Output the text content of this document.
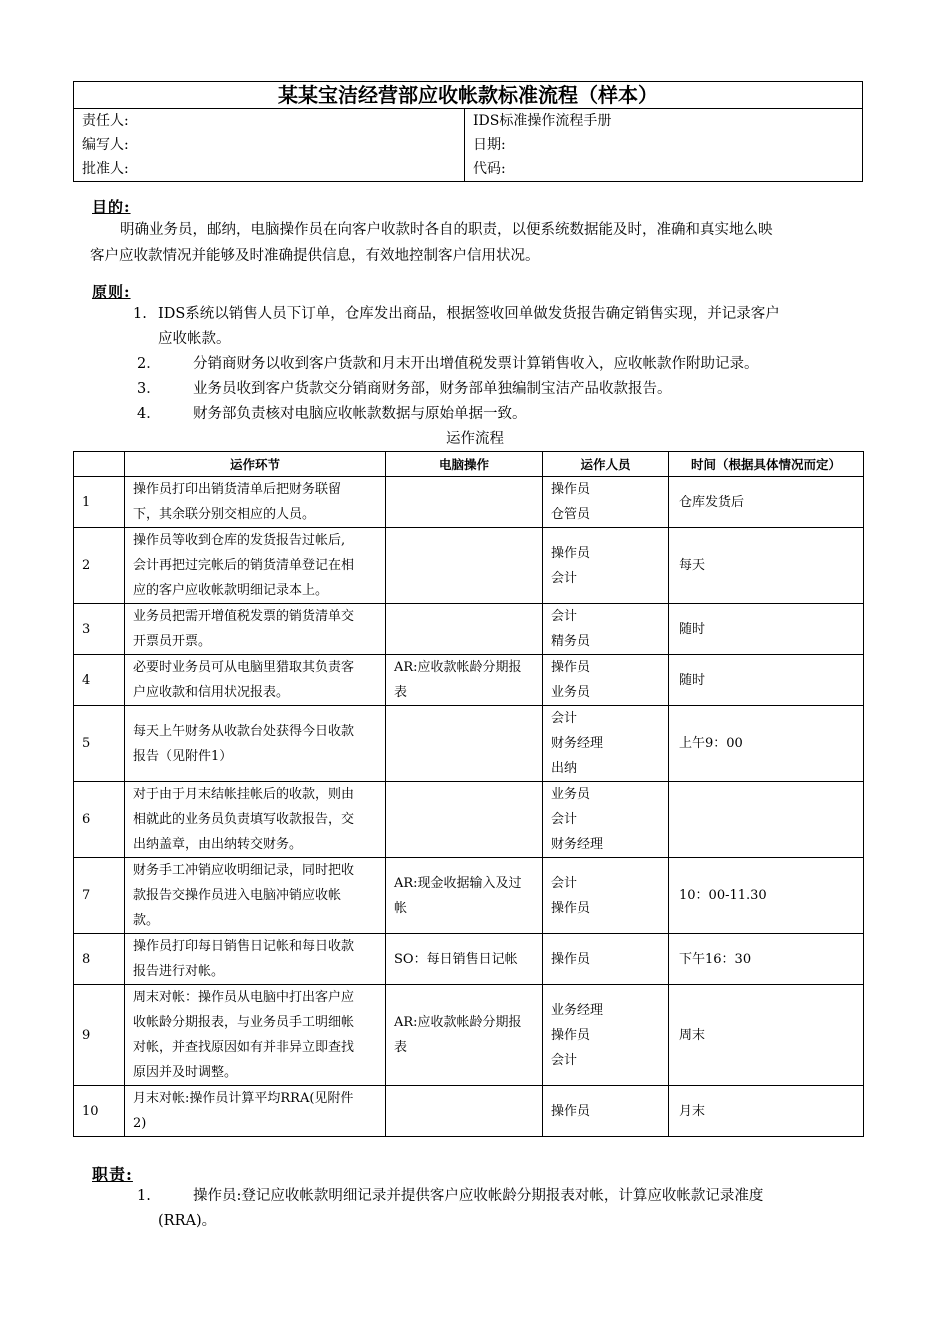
某某宝洁经营部应收帐款标准流程（样本）

责任人:
编写人:
批准人:

IDS标准操作流程手册
日期:
代码:
目的:
明确业务员，邮纳，电脑操作员在向客户收款时各自的职责，以便系统数据能及时，准确和真实地么映
客户应收款情况并能够及时准确提供信息，有效地控制客户信用状况。
原则:
1. IDS系统以销售人员下订单，仓库发出商品，根据签收回单做发货报告确定销售实现，并记录客户
应收帐款。
2． 分销商财务以收到客户货款和月末开出增值税发票计算销售收入，应收帐款作附助记录。
3． 业务员收到客户货款交分销商财务部，财务部单独编制宝洁产品收款报告。
4． 财务部负责核对电脑应收帐款数据与原始单据一致。
运作流程
	运作环节	电脑操作	运作人员	时间（根据具体情况而定）
1	操作员打印出销货清单后把财务联留
下，其余联分别交相应的人员。		操作员
仓管员	仓库发货后
2	操作员等收到仓库的发货报告过帐后,
会计再把过完帐后的销货清单登记在相
应的客户应收帐款明细记录本上。		操作员
会计	每天
3	业务员把需开增值税发票的销货清单交
开票员开票。		会计
精务员	随时
4	必要时业务员可从电脑里猎取其负责客
户应收款和信用状况报表。	AR:应收款帐龄分期报
表	操作员
业务员	随时
5	每天上午财务从收款台处获得今日收款
报告（见附件1）		会计
财务经理
出纳	上午9：00
6	对于由于月末结帐挂帐后的收款，则由
相就此的业务员负责填写收款报告，交
出纳盖章，由出纳转交财务。		业务员
会计
财务经理	

7	财务手工冲销应收明细记录，同时把收
款报告交操作员进入电脑冲销应收帐
款。	AR:现金收据输入及过
帐	会计
操作员	10：00-11.30
8	操作员打印每日销售日记帐和每日收款
报告进行对帐。	SO：每日销售日记帐	操作员	下午16：30
9	周末对帐：操作员从电脑中打出客户应
收帐龄分期报表，与业务员手工明细帐
对帐，并查找原因如有并非异立即查找
原因并及时调整。	AR:应收款帐龄分期报
表	业务经理
操作员
会计	周末
10	月末对帐:操作员计算平均RRA(见附件
2)		操作员	月末
职责:
1.	操作员:登记应收帐款明细记录并提供客户应收帐龄分期报表对帐，计算应收帐款记录准度
(RRA)。
